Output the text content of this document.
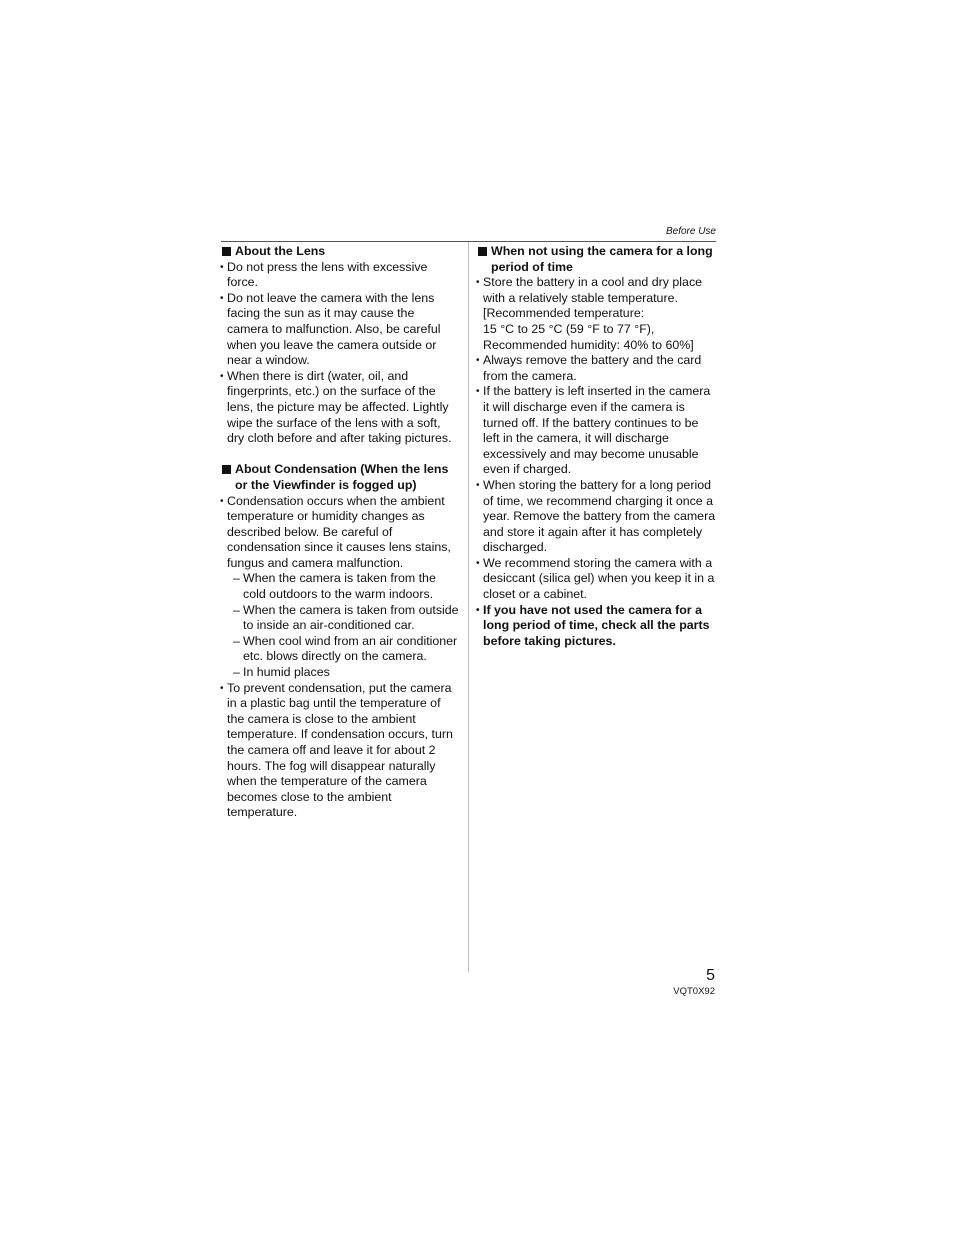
Before Use
About the Lens
• Do not press the lens with excessive force.
• Do not leave the camera with the lens facing the sun as it may cause the camera to malfunction. Also, be careful when you leave the camera outside or near a window.
• When there is dirt (water, oil, and fingerprints, etc.) on the surface of the lens, the picture may be affected. Lightly wipe the surface of the lens with a soft, dry cloth before and after taking pictures.
About Condensation (When the lens or the Viewfinder is fogged up)
• Condensation occurs when the ambient temperature or humidity changes as described below. Be careful of condensation since it causes lens stains, fungus and camera malfunction.
– When the camera is taken from the cold outdoors to the warm indoors.
– When the camera is taken from outside to inside an air-conditioned car.
– When cool wind from an air conditioner etc. blows directly on the camera.
– In humid places
• To prevent condensation, put the camera in a plastic bag until the temperature of the camera is close to the ambient temperature. If condensation occurs, turn the camera off and leave it for about 2 hours. The fog will disappear naturally when the temperature of the camera becomes close to the ambient temperature.
When not using the camera for a long period of time
• Store the battery in a cool and dry place with a relatively stable temperature.
[Recommended temperature:
15 °C to 25 °C (59 °F to 77 °F),
Recommended humidity: 40% to 60%]
• Always remove the battery and the card from the camera.
• If the battery is left inserted in the camera it will discharge even if the camera is turned off. If the battery continues to be left in the camera, it will discharge excessively and may become unusable even if charged.
• When storing the battery for a long period of time, we recommend charging it once a year. Remove the battery from the camera and store it again after it has completely discharged.
• We recommend storing the camera with a desiccant (silica gel) when you keep it in a closet or a cabinet.
• If you have not used the camera for a long period of time, check all the parts before taking pictures.
5
VQT0X92
